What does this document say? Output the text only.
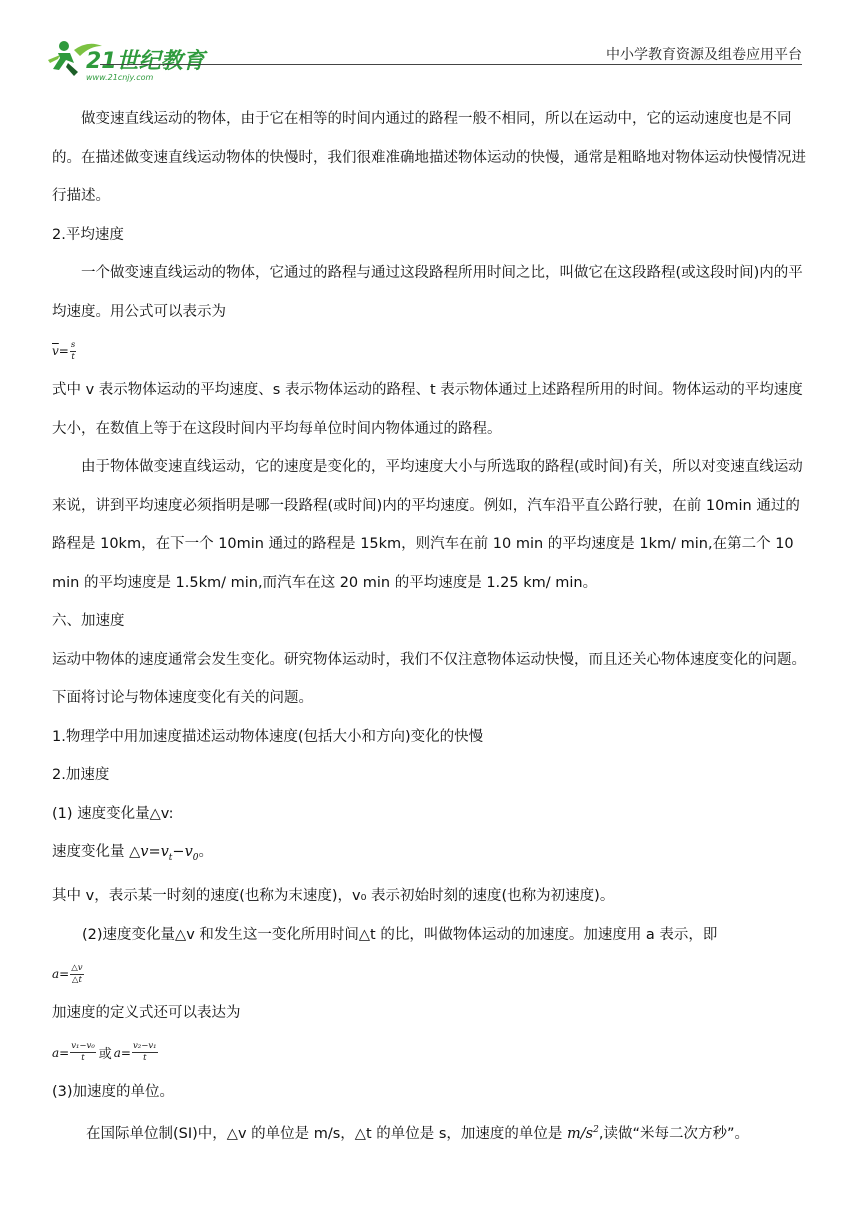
21世纪教育
www.21cnjy.com
中小学教育资源及组卷应用平台

做变速直线运动的物体，由于它在相等的时间内通过的路程一般不相同，所以在运动中，它的运动速度也是不同的。在描述做变速直线运动物体的快慢时，我们很难准确地描述物体运动的快慢，通常是粗略地对物体运动快慢情况进行描述。

2.平均速度

一个做变速直线运动的物体，它通过的路程与通过这段路程所用时间之比，叫做它在这段路程(或这段时间)内的平均速度。用公式可以表示为

$\overline{v} = \frac{s}{t}$

式中 v 表示物体运动的平均速度、s 表示物体运动的路程、t 表示物体通过上述路程所用的时间。物体运动的平均速度大小，在数值上等于在这段时间内平均每单位时间内物体通过的路程。

由于物体做变速直线运动，它的速度是变化的，平均速度大小与所选取的路程(或时间)有关，所以对变速直线运动来说，讲到平均速度必须指明是哪一段路程(或时间)内的平均速度。例如，汽车沿平直公路行驶，在前 10min 通过的路程是 10km，在下一个 10min 通过的路程是 15km，则汽车在前 10 min 的平均速度是 1km/ min,在第二个 10 min 的平均速度是 1.5km/ min,而汽车在这 20 min 的平均速度是 1.25 km/ min。

六、加速度

运动中物体的速度通常会发生变化。研究物体运动时，我们不仅注意物体运动快慢，而且还关心物体速度变化的问题。下面将讨论与物体速度变化有关的问题。

1.物理学中用加速度描述运动物体速度(包括大小和方向)变化的快慢

2.加速度

(1) 速度变化量△v:

速度变化量 $\triangle v=v_t-v_0$。

其中 v，表示某一时刻的速度(也称为末速度)，v₀ 表示初始时刻的速度(也称为初速度)。

(2)速度变化量△v 和发生这一变化所用时间△t 的比，叫做物体运动的加速度。加速度用 a 表示，即

$a= \frac{\triangle v}{\triangle t}$

加速度的定义式还可以表达为

$a= \frac{\text{v₁−v₀}}{t}$ 或 $a= \frac{\text{v₂−v₁}}{t}$

(3)加速度的单位。

在国际单位制(SI)中，△v 的单位是 m/s，△t 的单位是 s，加速度的单位是 $m/s^2$,读做“米每二次方秒”。
